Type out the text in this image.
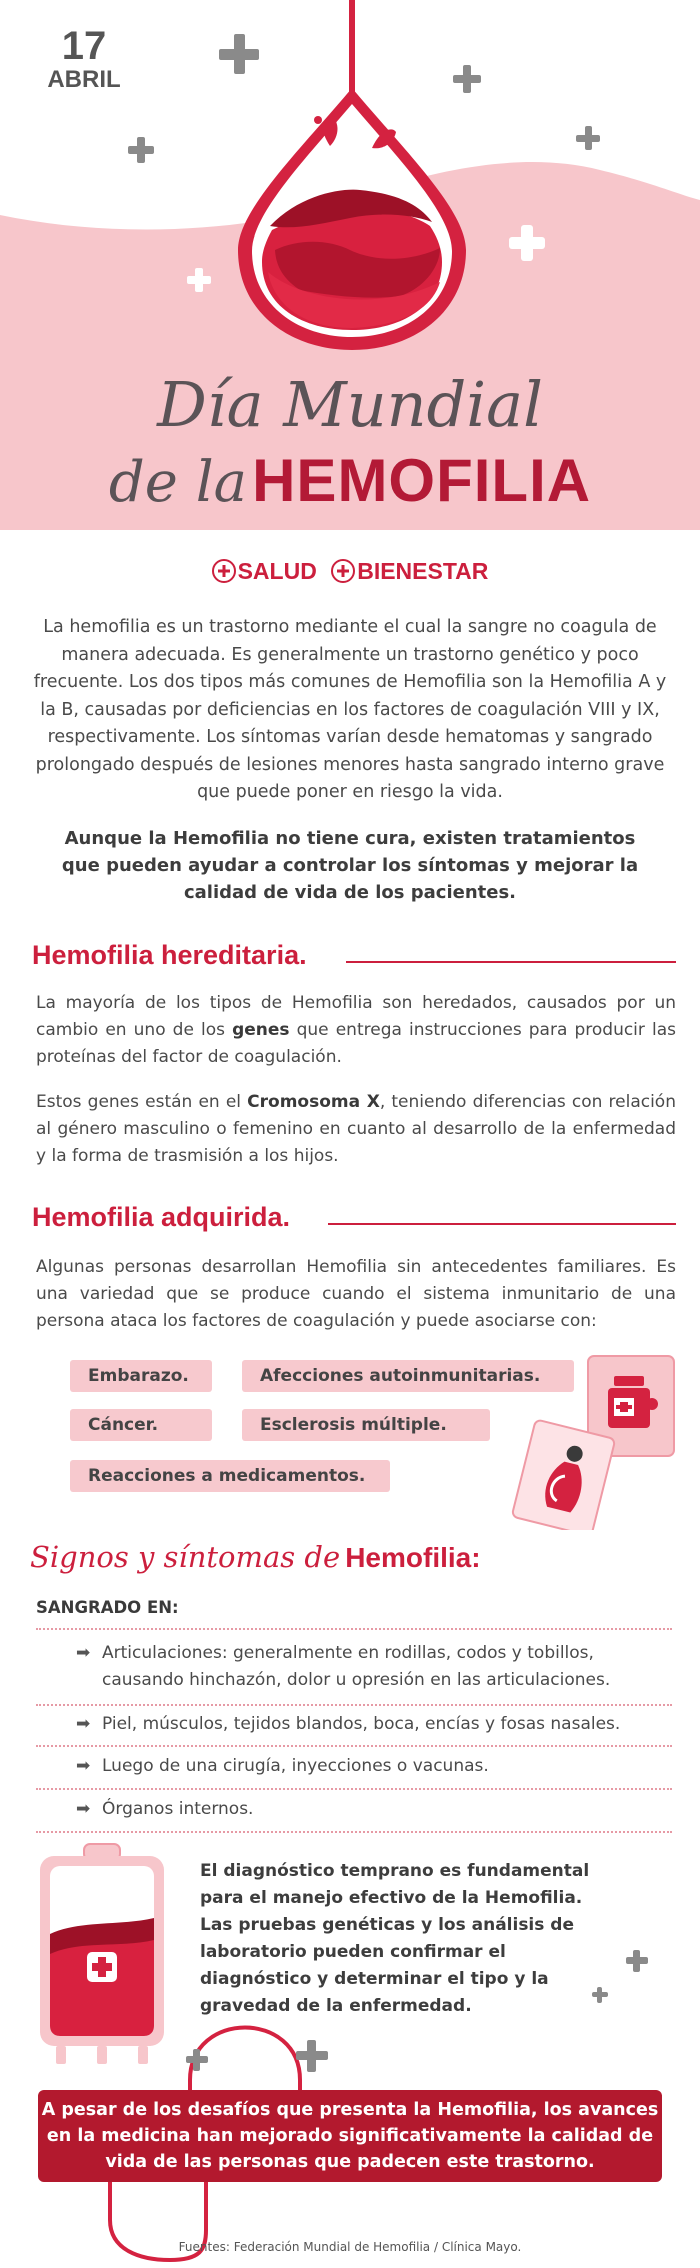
17
ABRIL
Día Mundial
de la HEMOFILIA
SALUD BIENESTAR

La hemofilia es un trastorno mediante el cual la sangre no coagula de manera adecuada. Es generalmente un trastorno genético y poco frecuente. Los dos tipos más comunes de Hemofilia son la Hemofilia A y la B, causadas por deficiencias en los factores de coagulación VIII y IX, respectivamente. Los síntomas varían desde hematomas y sangrado prolongado después de lesiones menores hasta sangrado interno grave que puede poner en riesgo la vida.

Aunque la Hemofilia no tiene cura, existen tratamientos que pueden ayudar a controlar los síntomas y mejorar la calidad de vida de los pacientes.

Hemofilia hereditaria.

La mayoría de los tipos de Hemofilia son heredados, causados por un cambio en uno de los genes que entrega instrucciones para producir las proteínas del factor de coagulación.

Estos genes están en el Cromosoma X, teniendo diferencias con relación al género masculino o femenino en cuanto al desarrollo de la enfermedad y la forma de trasmisión a los hijos.

Hemofilia adquirida.

Algunas personas desarrollan Hemofilia sin antecedentes familiares. Es una variedad que se produce cuando el sistema inmunitario de una persona ataca los factores de coagulación y puede asociarse con:

Embarazo.	Afecciones autoinmunitarias.
Cáncer.	Esclerosis múltiple.
Reacciones a medicamentos.
Signos y síntomas de Hemofilia:
SANGRADO EN:
➡ Articulaciones: generalmente en rodillas, codos y tobillos, causando hinchazón, dolor u opresión en las articulaciones.
➡ Piel, músculos, tejidos blandos, boca, encías y fosas nasales.
➡ Luego de una cirugía, inyecciones o vacunas.
➡ Órganos internos.

El diagnóstico temprano es fundamental para el manejo efectivo de la Hemofilia. Las pruebas genéticas y los análisis de laboratorio pueden confirmar el diagnóstico y determinar el tipo y la gravedad de la enfermedad.

A pesar de los desafíos que presenta la Hemofilia, los avances en la medicina han mejorado significativamente la calidad de vida de las personas que padecen este trastorno.
Fuentes: Federación Mundial de Hemofilia / Clínica Mayo.
